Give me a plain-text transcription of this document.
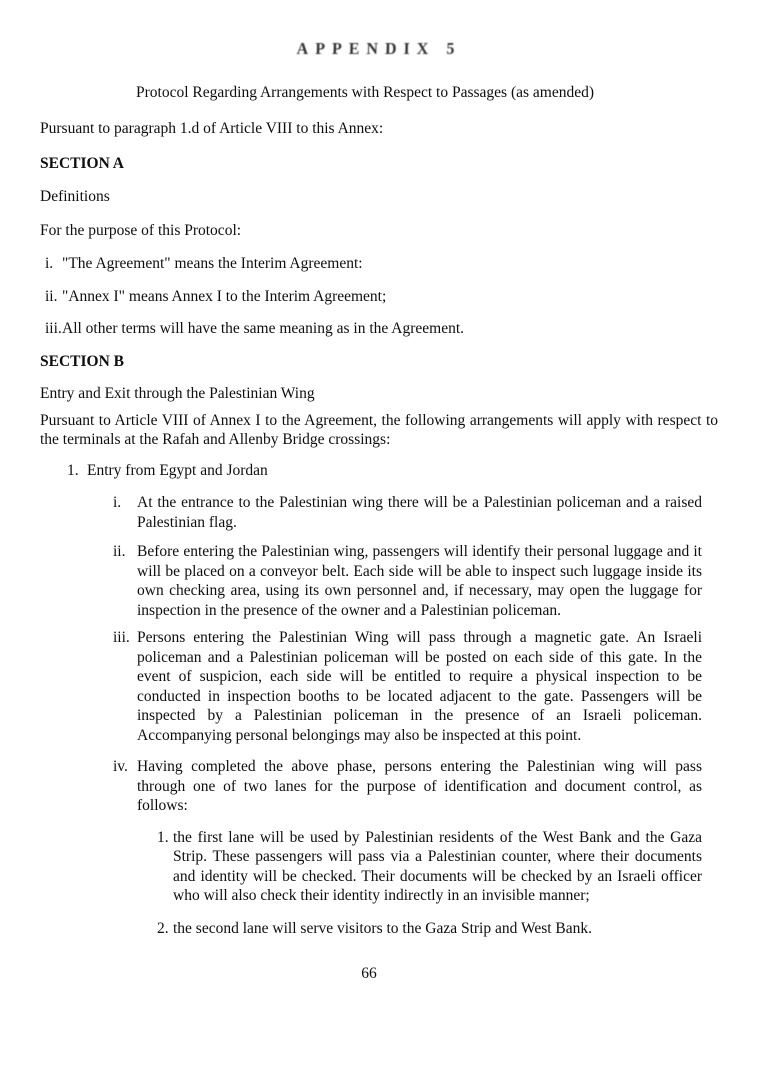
APPENDIX 5
Protocol Regarding Arrangements with Respect to Passages (as amended)

Pursuant to paragraph 1.d of Article VIII to this Annex:

SECTION A

Definitions

For the purpose of this Protocol:

i. "The Agreement" means the Interim Agreement:
ii. "Annex I" means Annex I to the Interim Agreement;
iii. All other terms will have the same meaning as in the Agreement.

SECTION B

Entry and Exit through the Palestinian Wing

Pursuant to Article VIII of Annex I to the Agreement, the following arrangements will apply with respect to the terminals at the Rafah and Allenby Bridge crossings:

1. Entry from Egypt and Jordan
i.	At the entrance to the Palestinian wing there will be a Palestinian policeman and a raised Palestinian flag.
ii. Before entering the Palestinian wing, passengers will identify their personal luggage and it will be placed on a conveyor belt. Each side will be able to inspect such luggage inside its own checking area, using its own personnel and, if necessary, may open the luggage for inspection in the presence of the owner and a Palestinian policeman.
iii. Persons entering the Palestinian Wing will pass through a magnetic gate. An Israeli policeman and a Palestinian policeman will be posted on each side of this gate. In the event of suspicion, each side will be entitled to require a physical inspection to be conducted in inspection booths to be located adjacent to the gate. Passengers will be inspected by a Palestinian policeman in the presence of an Israeli policeman. Accompanying personal belongings may also be inspected at this point.
iv. Having completed the above phase, persons entering the Palestinian wing will pass through one of two lanes for the purpose of identification and document control, as follows:
1. the first lane will be used by Palestinian residents of the West Bank and the Gaza Strip. These passengers will pass via a Palestinian counter, where their documents and identity will be checked. Their documents will be checked by an Israeli officer who will also check their identity indirectly in an invisible manner;
2. the second lane will serve visitors to the Gaza Strip and West Bank.
66
